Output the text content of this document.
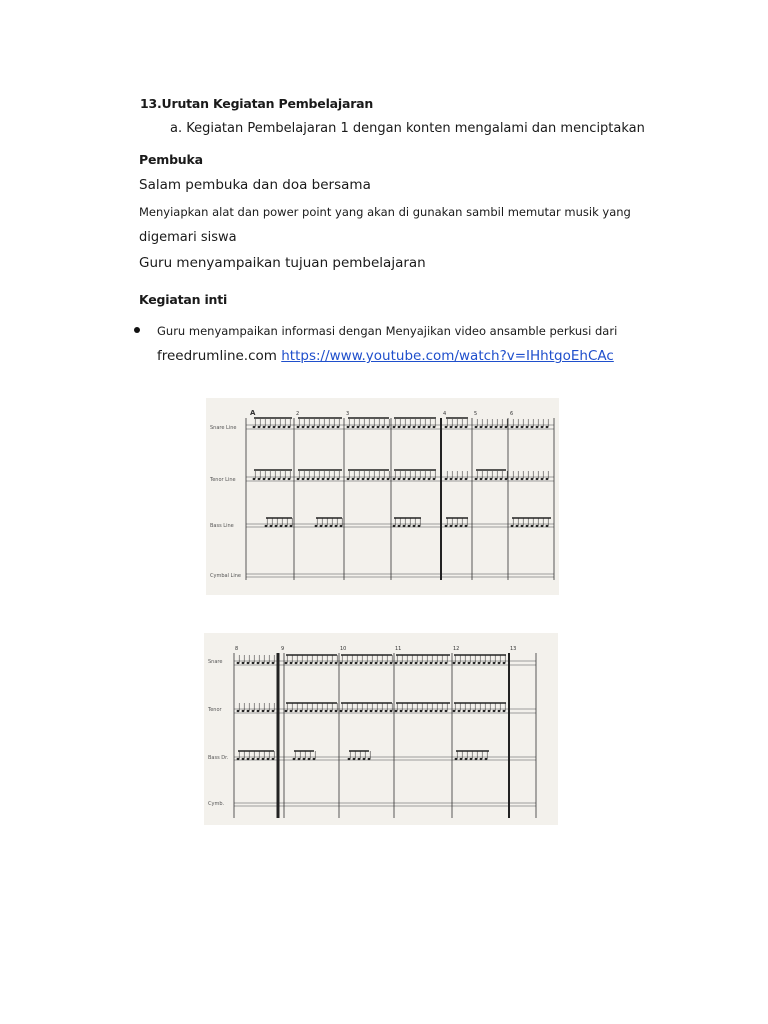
13.Urutan Kegiatan Pembelajaran
a. Kegiatan Pembelajaran 1 dengan konten mengalami dan menciptakan
Pembuka
Salam pembuka dan doa bersama
Menyiapkan alat dan power point yang akan di gunakan sambil memutar musik yang
digemari siswa
Guru menyampaikan tujuan pembelajaran
Kegiatan inti
Guru menyampaikan informasi dengan Menyajikan video ansamble perkusi dari
freedrumline.com https://www.youtube.com/watch?v=IHhtgoEhCAc
Snare Line
Tenor Line
Bass Line
Cymbal Line
A	2	3	4	5	6
Snare
Tenor
Bass Dr.
Cymb.
8	9	10	11	12	13
